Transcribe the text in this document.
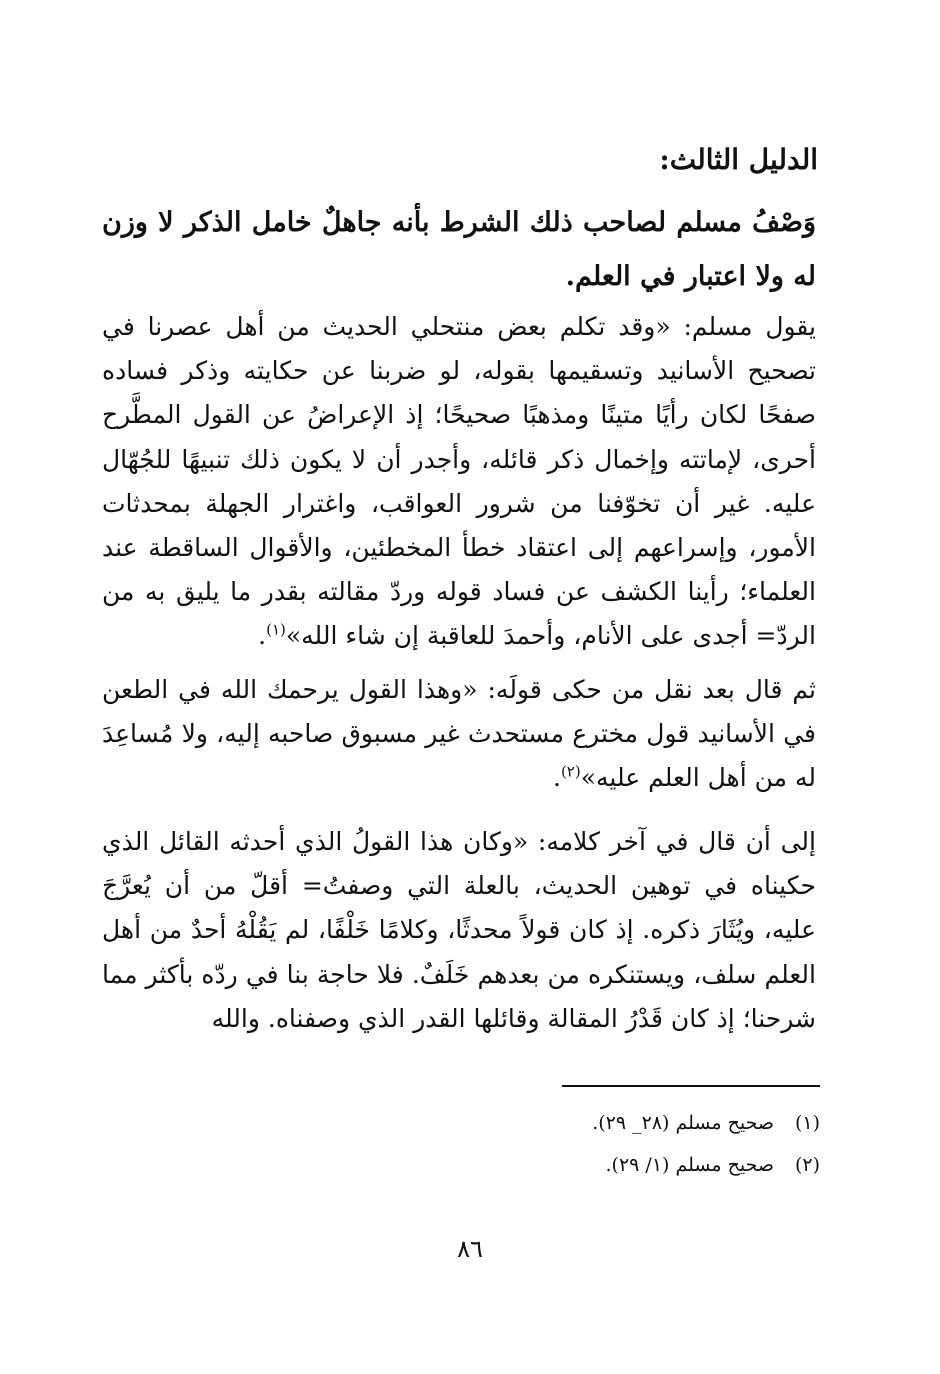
الدليل الثالث:
وَصْفُ مسلم لصاحب ذلك الشرط بأنه جاهلٌ خامل الذكر لا وزن له ولا اعتبار في العلم.
يقول مسلم: «وقد تكلم بعض منتحلي الحديث من أهل عصرنا في تصحيح الأسانيد وتسقيمها بقوله، لو ضربنا عن حكايته وذكر فساده صفحًا لكان رأيًا متينًا ومذهبًا صحيحًا؛ إذ الإعراضُ عن القول المطَّرح أحرى، لإماتته وإخمال ذكر قائله، وأجدر أن لا يكون ذلك تنبيهًا للجُهّال عليه. غير أن تخوّفنا من شرور العواقب، واغترار الجهلة بمحدثات الأمور، وإسراعهم إلى اعتقاد خطأ المخطئين، والأقوال الساقطة عند العلماء؛ رأينا الكشف عن فساد قوله وردّ مقالته بقدر ما يليق به من الردّ= أجدى على الأنام، وأحمدَ للعاقبة إن شاء الله»$^{(١)}$.
ثم قال بعد نقل من حكى قولَه: «وهذا القول يرحمك الله في الطعن في الأسانيد قول مخترع مستحدث غير مسبوق صاحبه إليه، ولا مُساعِدَ له من أهل العلم عليه»$^{(٢)}$.
إلى أن قال في آخر كلامه: «وكان هذا القولُ الذي أحدثه القائل الذي حكيناه في توهين الحديث، بالعلة التي وصفتُ= أقلّ من أن يُعرَّجَ عليه، ويُثَارَ ذكره. إذ كان قولاً محدثًا، وكلامًا خَلْفًا، لم يَقُلْهُ أحدٌ من أهل العلم سلف، ويستنكره من بعدهم خَلَفٌ. فلا حاجة بنا في ردّه بأكثر مما شرحنا؛ إذ كان قَدْرُ المقالة وقائلها القدر الذي وصفناه. والله
(١)صحيح مسلم (٢٨_ ٢٩).
(٢)صحيح مسلم (١/ ٢٩).
٨٦
